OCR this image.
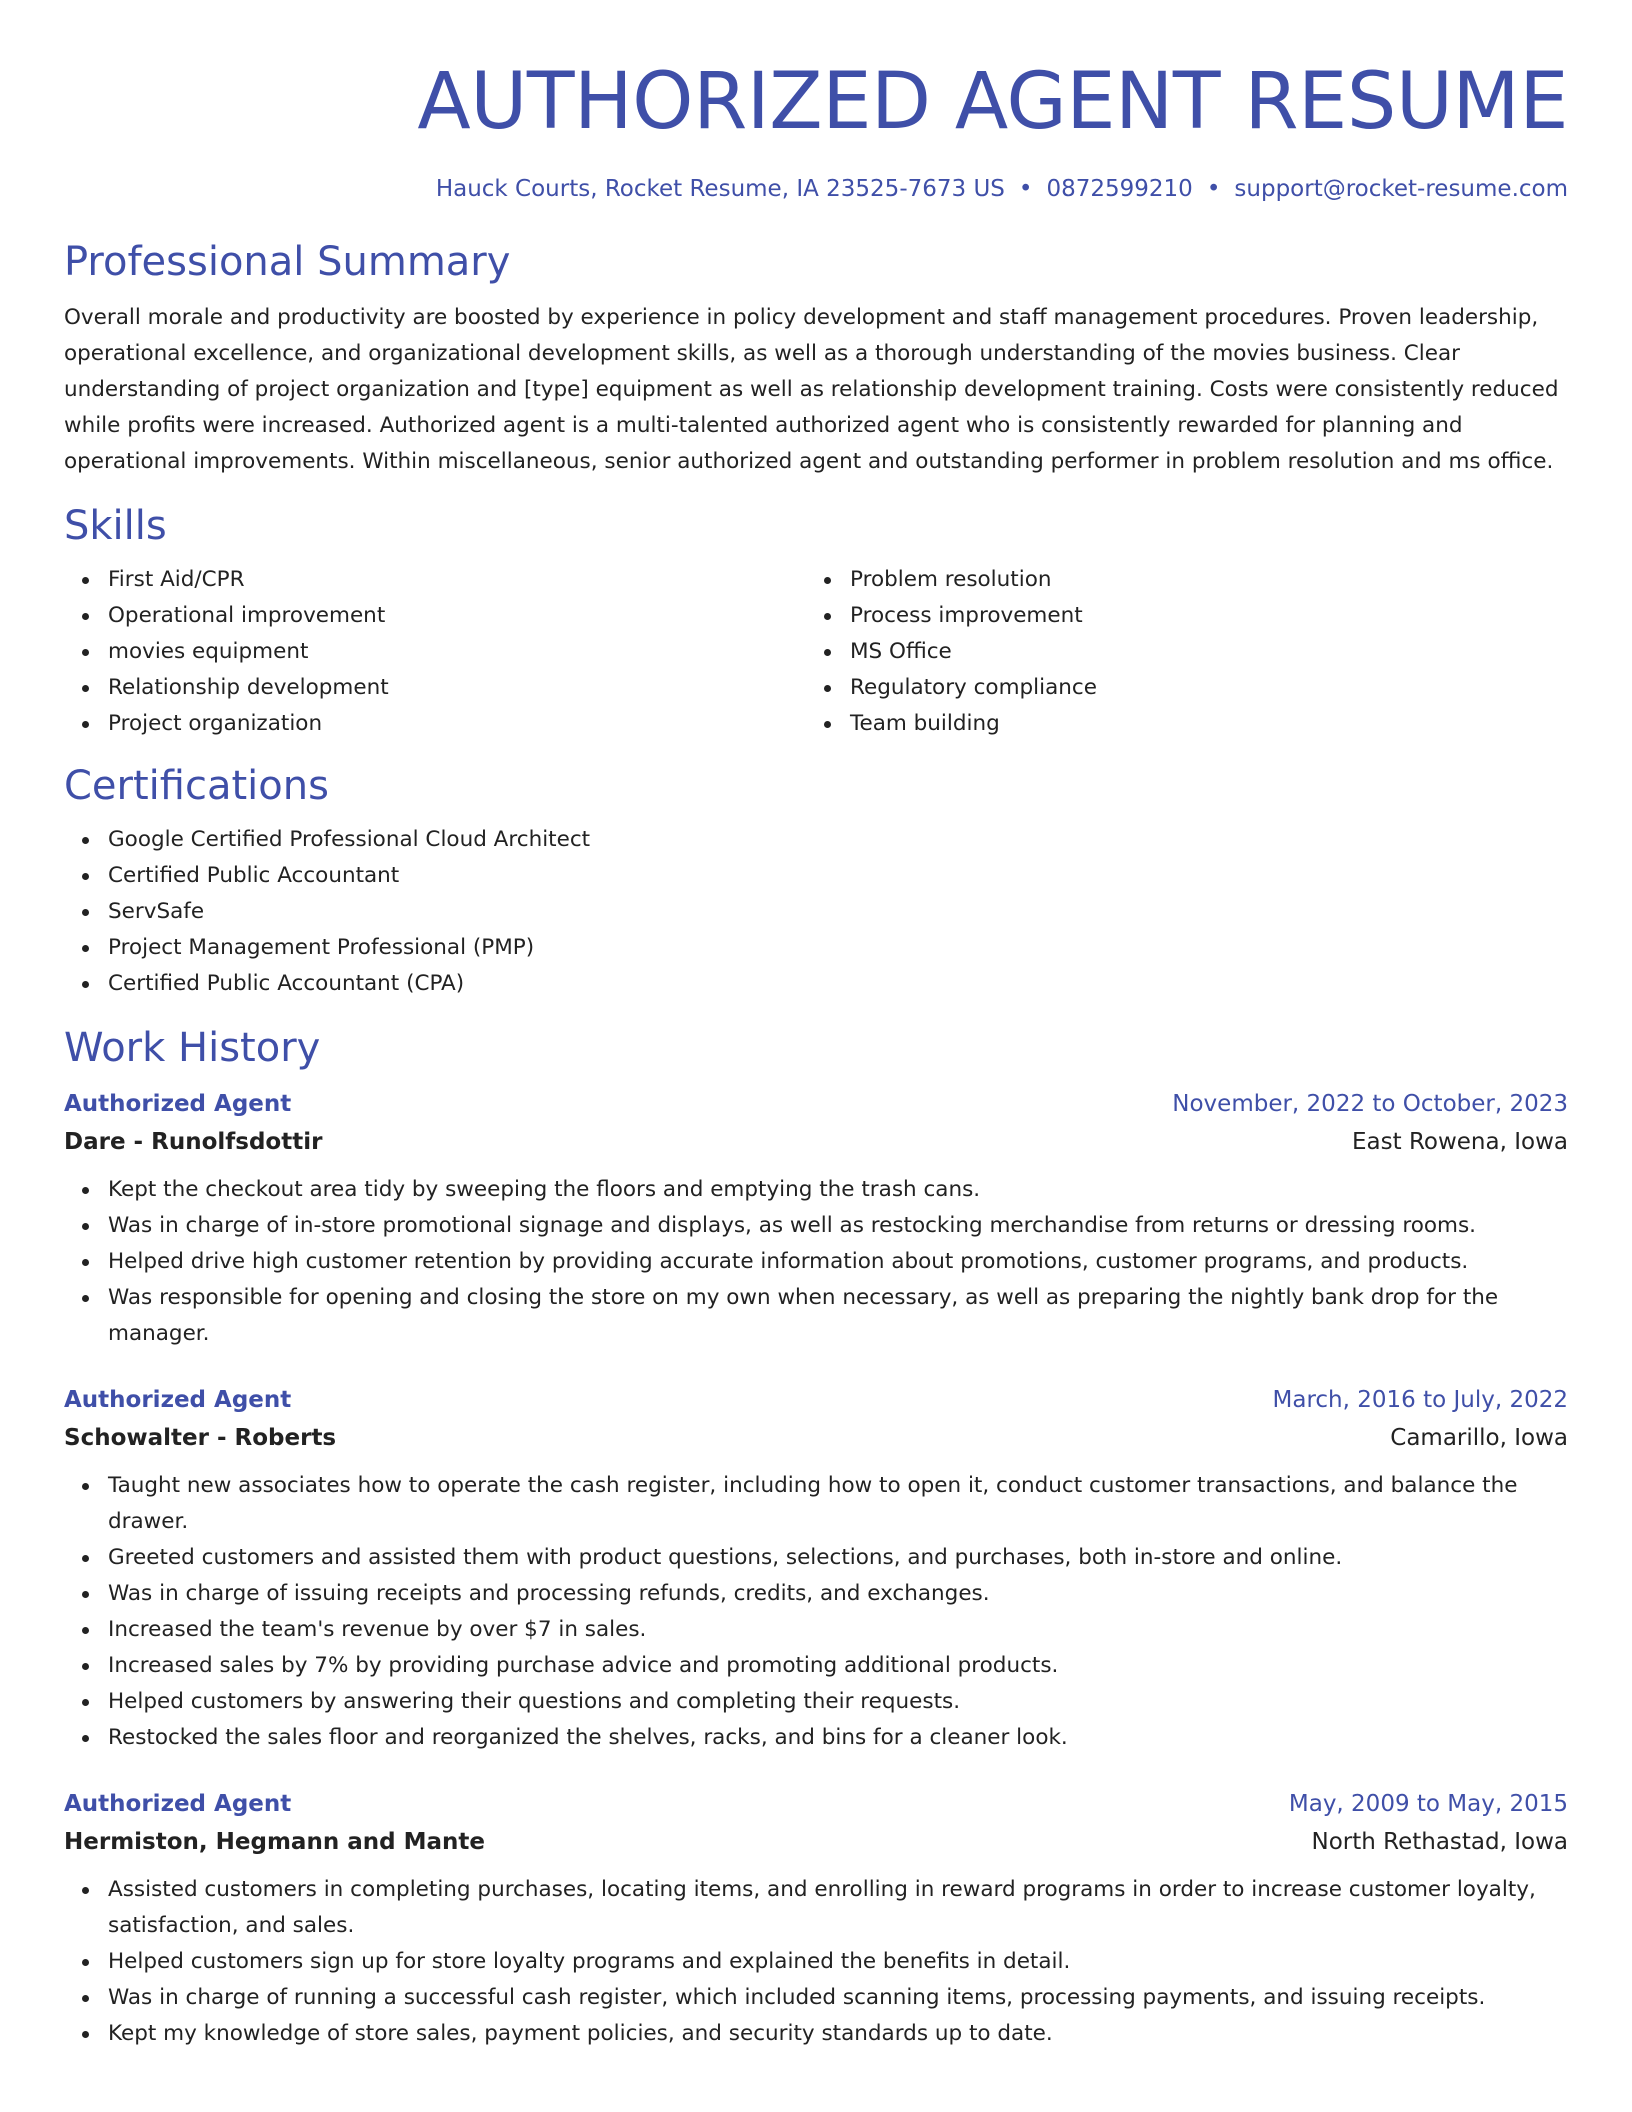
AUTHORIZED AGENT RESUME
Hauck Courts, Rocket Resume, IA 23525-7673 US • 0872599210 • support@rocket-resume.com
Professional Summary

Overall morale and productivity are boosted by experience in policy development and staff management procedures. Proven leadership, operational excellence, and organizational development skills, as well as a thorough understanding of the movies business. Clear understanding of project organization and [type] equipment as well as relationship development training. Costs were consistently reduced while profits were increased. Authorized agent is a multi-talented authorized agent who is consistently rewarded for planning and operational improvements. Within miscellaneous, senior authorized agent and outstanding performer in problem resolution and ms office.

Skills
First Aid/CPR
Operational improvement
movies equipment
Relationship development
Project organization
Problem resolution
Process improvement
MS Office
Regulatory compliance
Team building
Certifications
Google Certified Professional Cloud Architect
Certified Public Accountant
ServSafe
Project Management Professional (PMP)
Certified Public Accountant (CPA)
Work History
Authorized Agent	November, 2022 to October, 2023
Dare - Runolfsdottir	East Rowena, Iowa
Kept the checkout area tidy by sweeping the floors and emptying the trash cans.
Was in charge of in-store promotional signage and displays, as well as restocking merchandise from returns or dressing rooms.
Helped drive high customer retention by providing accurate information about promotions, customer programs, and products.
Was responsible for opening and closing the store on my own when necessary, as well as preparing the nightly bank drop for the manager.
Authorized Agent	March, 2016 to July, 2022
Schowalter - Roberts	Camarillo, Iowa
Taught new associates how to operate the cash register, including how to open it, conduct customer transactions, and balance the drawer.
Greeted customers and assisted them with product questions, selections, and purchases, both in-store and online.
Was in charge of issuing receipts and processing refunds, credits, and exchanges.
Increased the team's revenue by over $7 in sales.
Increased sales by 7% by providing purchase advice and promoting additional products.
Helped customers by answering their questions and completing their requests.
Restocked the sales floor and reorganized the shelves, racks, and bins for a cleaner look.
Authorized Agent	May, 2009 to May, 2015
Hermiston, Hegmann and Mante	North Rethastad, Iowa
Assisted customers in completing purchases, locating items, and enrolling in reward programs in order to increase customer loyalty, satisfaction, and sales.
Helped customers sign up for store loyalty programs and explained the benefits in detail.
Was in charge of running a successful cash register, which included scanning items, processing payments, and issuing receipts.
Kept my knowledge of store sales, payment policies, and security standards up to date.
